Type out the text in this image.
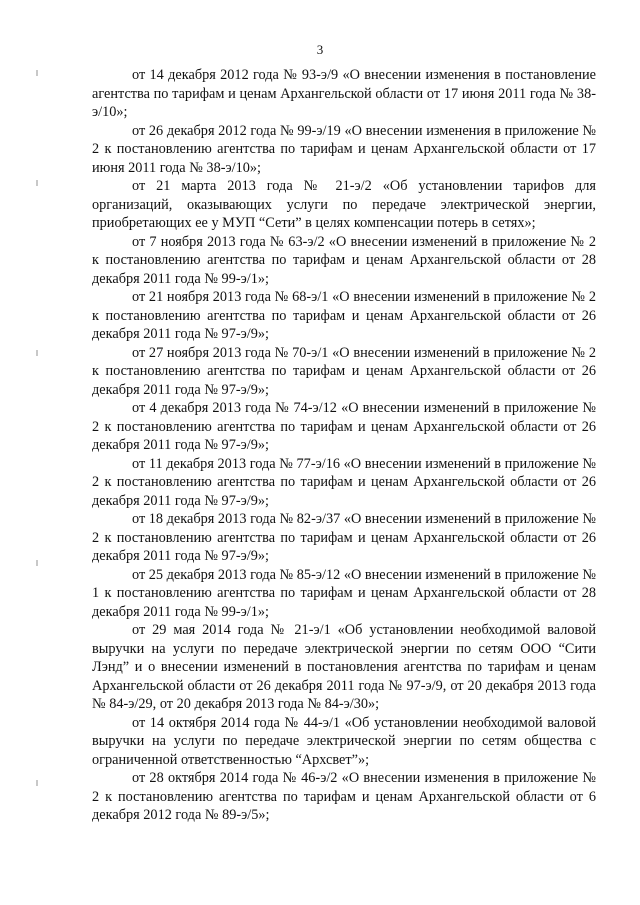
3

от 14 декабря 2012 года № 93-э/9 «О внесении изменения в постановление агентства по тарифам и ценам Архангельской области от 17 июня 2011 года № 38-э/10»;

от 26 декабря 2012 года № 99-э/19 «О внесении изменения в приложение № 2 к постановлению агентства по тарифам и ценам Архангельской области от 17 июня 2011 года № 38-э/10»;

от 21 марта 2013 года № 21-э/2 «Об установлении тарифов для организаций, оказывающих услуги по передаче электрической энергии, приобретающих ее у МУП “Сети” в целях компенсации потерь в сетях»;

от 7 ноября 2013 года № 63-э/2 «О внесении изменений в приложение № 2 к постановлению агентства по тарифам и ценам Архангельской области от 28 декабря 2011 года № 99-э/1»;

от 21 ноября 2013 года № 68-э/1 «О внесении изменений в приложение № 2 к постановлению агентства по тарифам и ценам Архангельской области от 26 декабря 2011 года № 97-э/9»;

от 27 ноября 2013 года № 70-э/1 «О внесении изменений в приложение № 2 к постановлению агентства по тарифам и ценам Архангельской области от 26 декабря 2011 года № 97-э/9»;

от 4 декабря 2013 года № 74-э/12 «О внесении изменений в приложение № 2 к постановлению агентства по тарифам и ценам Архангельской области от 26 декабря 2011 года № 97-э/9»;

от 11 декабря 2013 года № 77-э/16 «О внесении изменений в приложение № 2 к постановлению агентства по тарифам и ценам Архангельской области от 26 декабря 2011 года № 97-э/9»;

от 18 декабря 2013 года № 82-э/37 «О внесении изменений в приложение № 2 к постановлению агентства по тарифам и ценам Архангельской области от 26 декабря 2011 года № 97-э/9»;

от 25 декабря 2013 года № 85-э/12 «О внесении изменений в приложение № 1 к постановлению агентства по тарифам и ценам Архангельской области от 28 декабря 2011 года № 99-э/1»;

от 29 мая 2014 года № 21-э/1 «Об установлении необходимой валовой выручки на услуги по передаче электрической энергии по сетям ООО “Сити Лэнд” и о внесении изменений в постановления агентства по тарифам и ценам Архангельской области от 26 декабря 2011 года № 97-э/9, от 20 декабря 2013 года № 84-э/29, от 20 декабря 2013 года № 84-э/30»;

от 14 октября 2014 года № 44-э/1 «Об установлении необходимой валовой выручки на услуги по передаче электрической энергии по сетям общества с ограниченной ответственностью “Архсвет”»;

от 28 октября 2014 года № 46-э/2 «О внесении изменения в приложение № 2 к постановлению агентства по тарифам и ценам Архангельской области от 6 декабря 2012 года № 89-э/5»;
